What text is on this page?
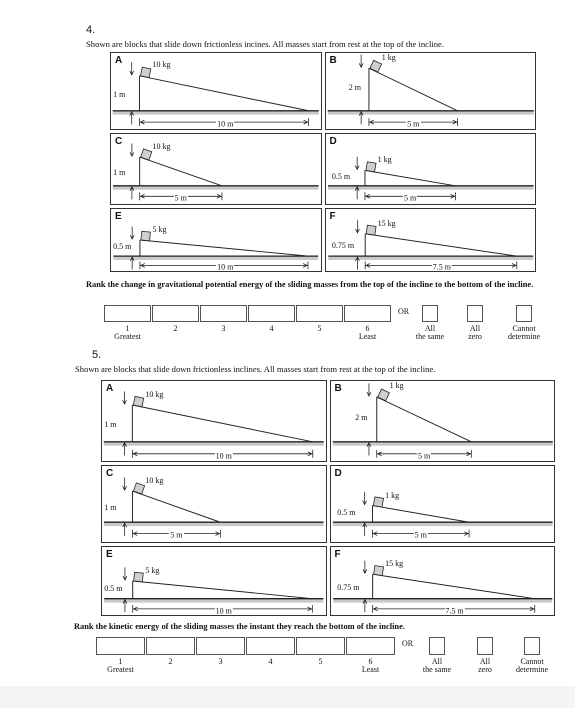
4.
Shown are blocks that slide down frictionless incines. All masses start from rest at the top of the incline.
A	10 kg
1 m
10 m
B	1 kg
2 m
5 m
C	10 kg
1 m
5 m
D
1 kg
0.5 m
5 m
E
5 kg
0.5 m
10 m
F
15 kg
0.75 m
7.5 m
Rank the change in gravitational potential energy of the sliding masses from the top of the incline to the bottom of the incline.
1
Greatest
2	3	4	5	6
Least
OR
All
the same
All
zero
Cannot
determine
5.
Shown are blocks that slide down frictionless inclines. All masses start from rest at the top of the incline.
A
10 kg
1 m
10 m
B	1 kg
2 m
5 m
C
10 kg
1 m
5 m
D
1 kg
0.5 m
5 m
E
5 kg
0.5 m
10 m
F
15 kg
0.75 m
7.5 m
Rank the kinetic energy of the sliding masses the instant they reach the bottom of the incline.
1
Greatest
2	3	4	5	6
Least
OR
All
the same
All
zero
Cannot
determine
